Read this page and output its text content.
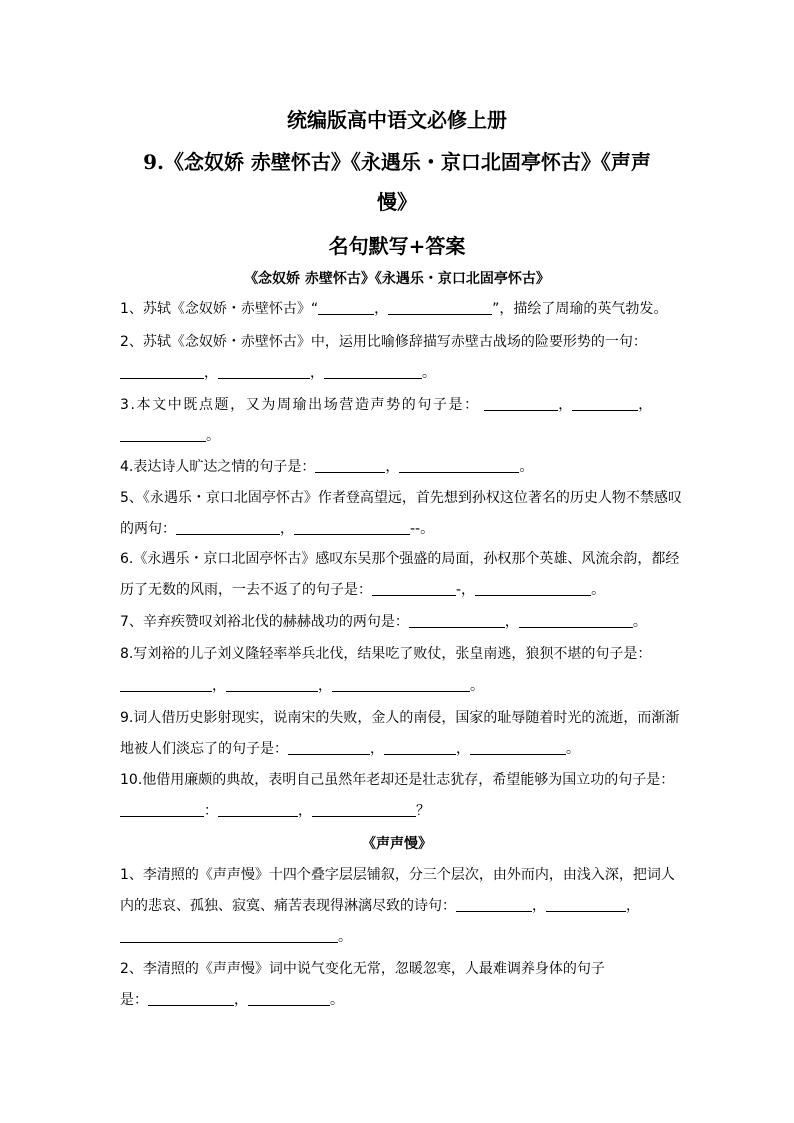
统编版高中语文必修上册
9.《念奴娇 赤壁怀古》《永遇乐・京口北固亭怀古》《声声
慢》
名句默写+答案
《念奴娇 赤壁怀古》《永遇乐・京口北固亭怀古》
1、苏轼《念奴娇・赤壁怀古》“	，	”，描绘了周瑜的英气勃发。
2、苏轼《念奴娇・赤壁怀古》中，运用比喻修辞描写赤壁古战场的险要形势的一句：
，	，	。
3.本文中既点题，又为周瑜出场营造声势的句子是：	，	，
。
4.表达诗人旷达之情的句子是：	，	。
5、《永遇乐・京口北固亭怀古》作者登高望远，首先想到孙权这位著名的历史人物不禁感叹
的两句：	，	--。
6.《永遇乐・京口北固亭怀古》感叹东吴那个强盛的局面，孙权那个英雄、风流余韵，都经
历了无数的风雨，一去不返了的句子是：	-，	。
7、辛弃疾赞叹刘裕北伐的赫赫战功的两句是：	，	。
8.写刘裕的儿子刘义隆轻率举兵北伐，结果吃了败仗，张皇南逃，狼狈不堪的句子是：
，	，	。
9.词人借历史影射现实，说南宋的失败，金人的南侵，国家的耻辱随着时光的流逝，而渐渐
地被人们淡忘了的句子是：	，	，	。
10.他借用廉颇的典故，表明自己虽然年老却还是壮志犹存，希望能够为国立功的句子是：
：	，	？
《声声慢》
1、李清照的《声声慢》十四个叠字层层铺叙，分三个层次，由外而内，由浅入深，把词人
内的悲哀、孤独、寂寞、痛苦表现得淋漓尽致的诗句：	，	，
。
2、李清照的《声声慢》词中说气变化无常，忽暖忽寒，人最难调养身体的句子
是：	，	。
